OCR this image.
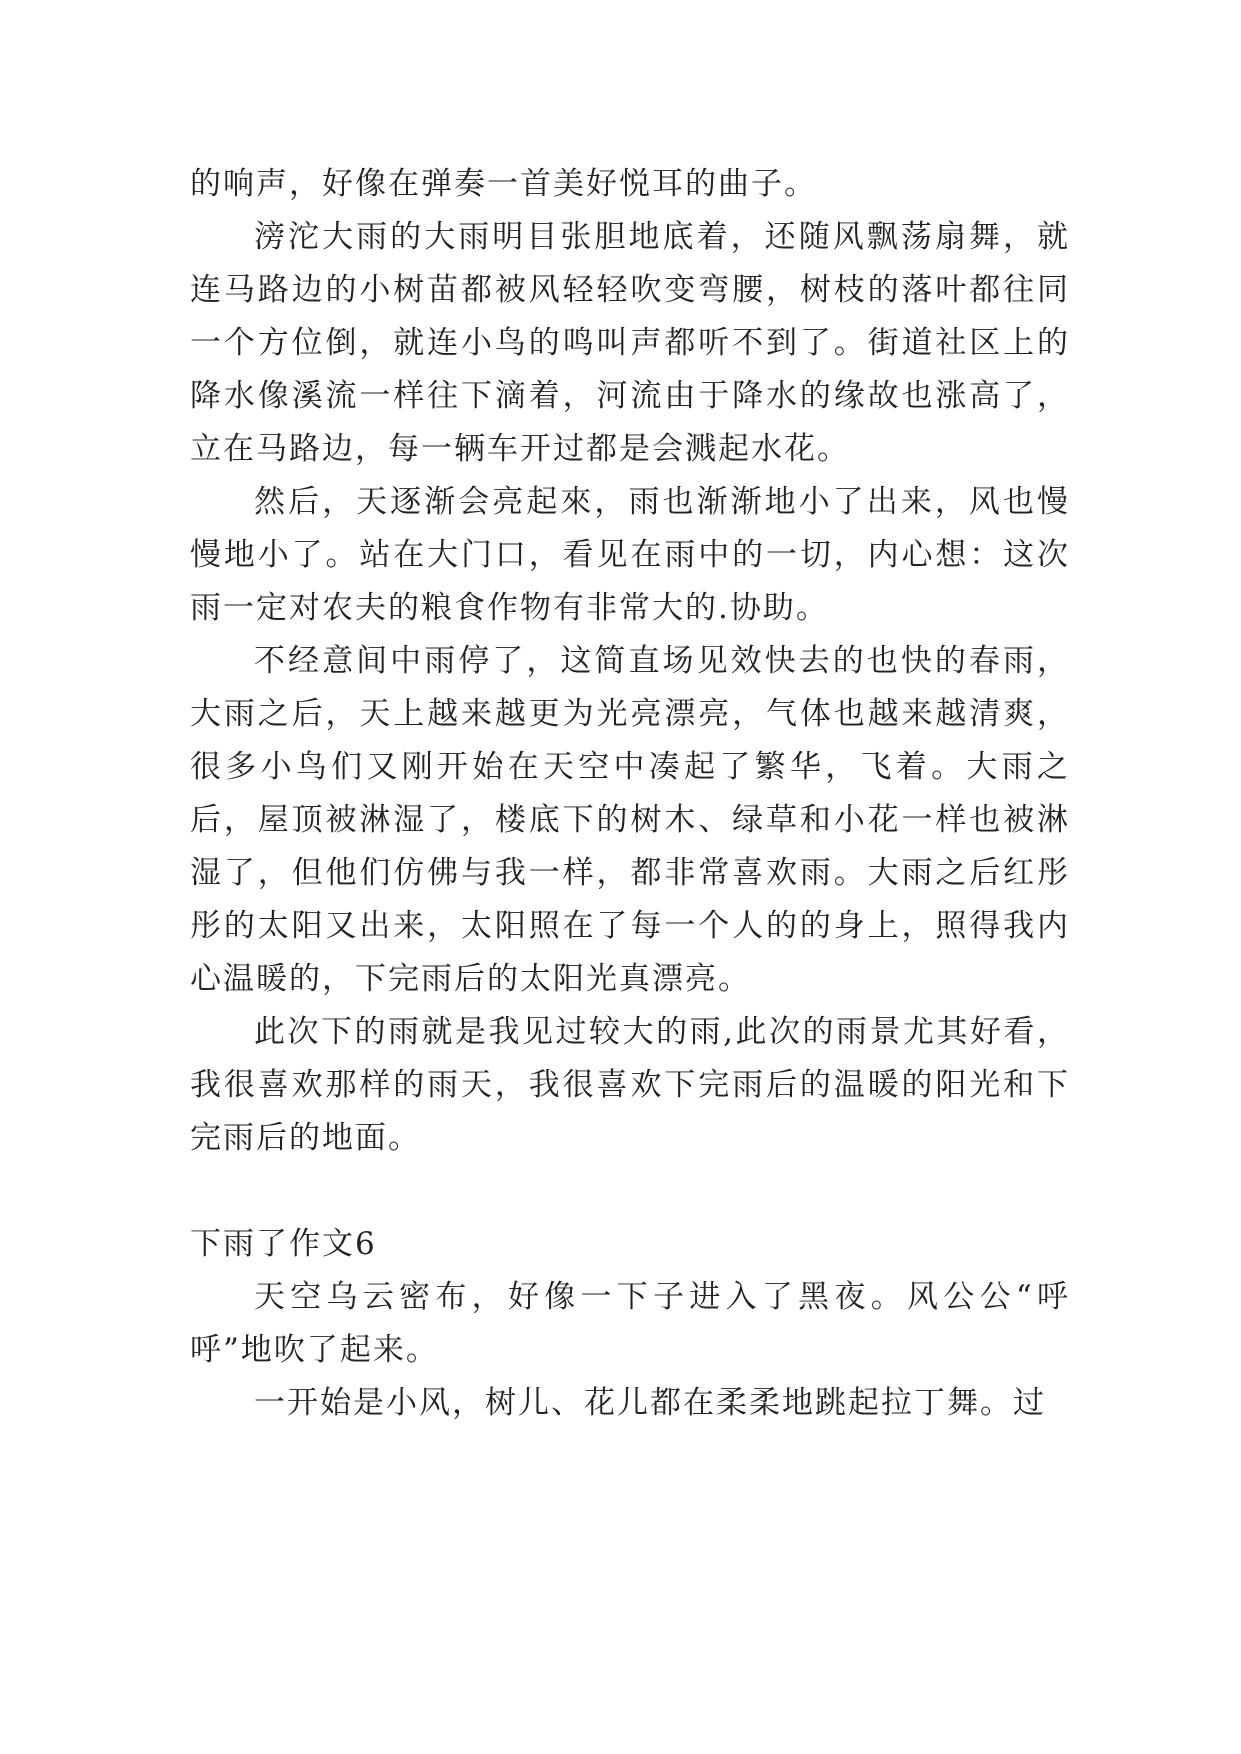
的响声，好像在弹奏一首美好悦耳的曲子。

滂沱大雨的大雨明目张胆地底着，还随风飘荡扇舞，就连马路边的小树苗都被风轻轻吹变弯腰，树枝的落叶都往同一个方位倒，就连小鸟的鸣叫声都听不到了。街道社区上的降水像溪流一样往下滴着，河流由于降水的缘故也涨高了，立在马路边，每一辆车开过都是会溅起水花。

然后，天逐渐会亮起來，雨也渐渐地小了出来，风也慢慢地小了。站在大门口，看见在雨中的一切，内心想：这次雨一定对农夫的粮食作物有非常大的.协助。

不经意间中雨停了，这简直场见效快去的也快的春雨，大雨之后，天上越来越更为光亮漂亮，气体也越来越清爽，很多小鸟们又刚开始在天空中凑起了繁华，飞着。大雨之后，屋顶被淋湿了，楼底下的树木、绿草和小花一样也被淋湿了，但他们仿佛与我一样，都非常喜欢雨。大雨之后红彤彤的太阳又出来，太阳照在了每一个人的的身上，照得我内心温暖的，下完雨后的太阳光真漂亮。

此次下的雨就是我见过较大的雨,此次的雨景尤其好看，我很喜欢那样的雨天，我很喜欢下完雨后的温暖的阳光和下完雨后的地面。

下雨了作文6

天空乌云密布，好像一下子进入了黑夜。风公公“呼呼”地吹了起来。

一开始是小风，树儿、花儿都在柔柔地跳起拉丁舞。过
